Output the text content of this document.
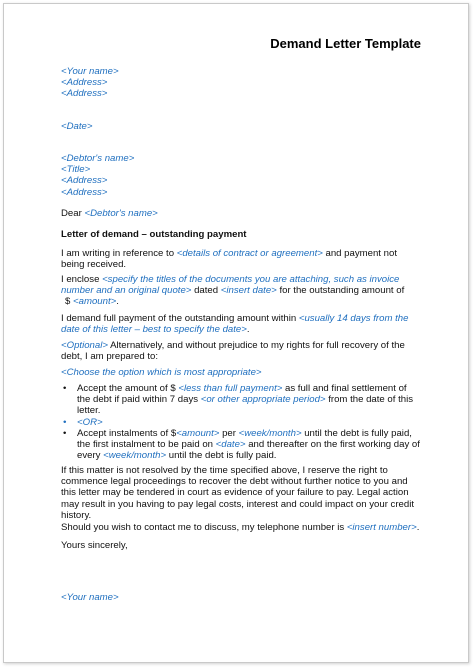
Demand Letter Template
<Your name>
<Address>
<Address>
<Date>
<Debtor's name>
<Title>
<Address>
<Address>

Dear <Debtor's name>

Letter of demand – outstanding payment

I am writing in reference to <details of contract or agreement> and payment not being received.

I enclose <specify the titles of the documents you are attaching, such as invoice number and an original quote> dated <insert date> for the outstanding amount of

$ <amount>.

I demand full payment of the outstanding amount within <usually 14 days from the date of this letter – best to specify the date>.

<Optional> Alternatively, and without prejudice to my rights for full recovery of the debt, I am prepared to:

<Choose the option which is most appropriate>

• Accept the amount of $ <less than full payment> as full and final settlement of the debt if paid within 7 days <or other appropriate period> from the date of this letter.
• <OR>
• Accept instalments of $<amount> per <week/month> until the debt is fully paid, the first instalment to be paid on <date> and thereafter on the first working day of every <week/month> until the debt is fully paid.

If this matter is not resolved by the time specified above, I reserve the right to commence legal proceedings to recover the debt without further notice to you and this letter may be tendered in court as evidence of your failure to pay. Legal action may result in you having to pay legal costs, interest and could impact on your credit history.

Should you wish to contact me to discuss, my telephone number is <insert number>.

Yours sincerely,

<Your name>
